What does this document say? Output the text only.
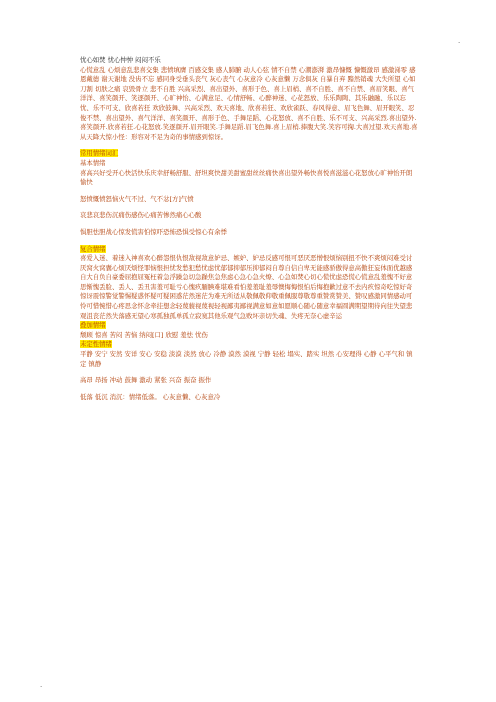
·

忧心如焚 忧心忡忡 闷闷不乐

心慌意乱 心烦意乱悲喜交集 悲愤填膺 百感交集 感人肺腑 动人心弦 情不自禁 心潮澎湃 激昂慷慨 慷慨激昂 感激涕零 感恩戴德 谢天谢地 没齿不忘 感同身受垂头丧气 灰心丧气 心灰意冷 心灰意懒 万念俱灰 自暴自弃 黯然销魂 大失所望 心如刀割 切肤之痛 哀毁骨立 悲不自胜 兴高采烈、喜出望外、喜形于色、喜上眉梢、喜不自胜、喜不自禁、喜眉笑眼、喜气洋洋、喜笑颜开、笑逐颜开、心旷神怡、心满意足、心情舒畅、心醉神迷、心花怒放、乐乐陶陶、其乐融融、乐以忘忧、乐不可支、欣喜若狂 欢欣鼓舞、兴高采烈、欢天喜地、欣喜若狂、欢欣雀跃、春风得意、眉飞色舞、眉开眼笑、忍俊不禁、喜出望外、喜气洋洋、喜笑颜开、喜形于色、手舞足蹈、心花怒放、喜不自胜、乐不可支、兴高采烈.喜出望外.喜笑颜开.欣喜若狂.心花怒放.笑逐颜开.眉开眼笑.手舞足蹈.眉飞色舞.喜上眉梢.捧腹大笑.笑容可掬.大喜过望.欢天喜地.喜从天降大惊小怪：形容对不足为奇的事情感到惊讶。

常用情绪词汇

基本情绪

喜高兴好受开心快活快乐庆幸舒畅舒服、舒坦爽快甜美甜蜜甜丝丝痛快喜出望外畅快喜悦喜滋滋心花怒放心旷神怡开朗愉快

怒愤慨愤怒恼火气不过、气不忿[方]气愤

哀悲哀悲伤沉痛伤感伤心痛苦惨然痛心心酸

惧胆怯胆战心惊发慌害怕惊吓恐怖恐惧受惊心有余悸

复合情绪

喜爱入迷、着迷入神喜欢心醉怨恨仇恨敌视敌意妒忌、嫉妒、妒忌反感可恨可恶厌恶憎恨烦恼别扭不快不爽烦闷难受讨厌窝火窝囊心烦厌烦怪罪恼恨担忧发愁犯愁忧虑忧郁郁抑郁压抑郁闷自尊自信自卑无能感骄傲得意高傲狂妄体面优越感自大自负自豪委屈抱屈冤枉着急浮躁急切急躁焦急焦虑心急心急火燎、心急如焚心切心慌忧虑恐慌心慌意乱羞愧不好意思惭愧丢脸、丢人、丢丑害羞可耻亏心愧疚腼腆难堪难看怕羞羞耻羞辱懊悔悔恨怕后悔抱歉过意不去内疚惊奇吃惊好奇惊讶震惊警觉警惕疑惑怀疑可疑困惑茫然迷茫为难无所适从敬佩敬仰敬重佩服尊敬尊重赞赏赞美、赞叹感激同情感动可怜可惜惋惜心疼思念怀念牵挂想念轻蔑藐视蔑视轻视鄙夷鄙视满意如意如愿顺心随心随意幸福圆满期望期待向往失望悲观沮丧茫然失落感无望心寒孤独孤单孤立寂寞其他乐观气急败坏亲切失魂、失疼无奈心虚辛运

叠加情绪

颓顾 惊喜 苦闷 苦恼 纳闷[口] 欣慰 羞怯 忧伤

未定性情绪

平静 安宁 安然 安详 安心 安稳 淡漠 淡然 放心 冷静 漠然 漠视 宁静 轻松 塌实、踏实 坦然 心安理得 心静 心平气和 镇定 镇静

高昂 昂扬 冲动 鼓舞 激动 紧张 兴奋 振奋 振作

低落 低沉 消沉：情绪低落。 心灰意懒、心灰意冷

·
